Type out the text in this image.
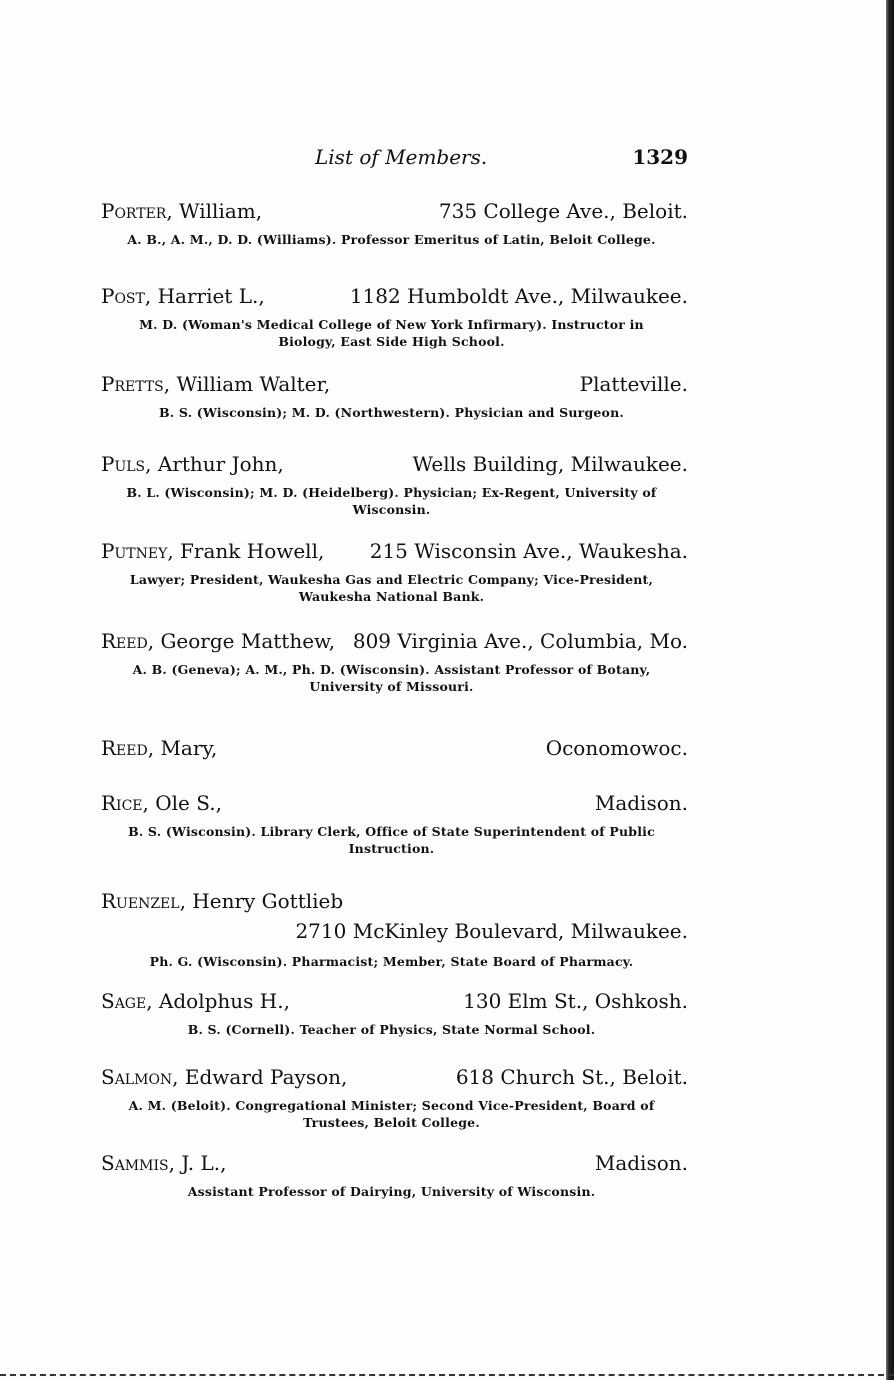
List of Members.	1329
Porter, William,	735 College Ave., Beloit.
A. B., A. M., D. D. (Williams). Professor Emeritus of Latin, Beloit College.
Post, Harriet L.,	1182 Humboldt Ave., Milwaukee.
M. D. (Woman's Medical College of New York Infirmary). Instructor in Biology, East Side High School.
Pretts, William Walter,	Platteville.
B. S. (Wisconsin); M. D. (Northwestern). Physician and Surgeon.
Puls, Arthur John,	Wells Building, Milwaukee.
B. L. (Wisconsin); M. D. (Heidelberg). Physician; Ex-Regent, University of Wisconsin.
Putney, Frank Howell, 215 Wisconsin Ave., Waukesha.
Lawyer; President, Waukesha Gas and Electric Company; Vice-President, Waukesha National Bank.
Reed, George Matthew, 809 Virginia Ave., Columbia, Mo.
A. B. (Geneva); A. M., Ph. D. (Wisconsin). Assistant Professor of Botany, University of Missouri.
Reed, Mary,	Oconomowoc.
Rice, Ole S.,	Madison.
B. S. (Wisconsin). Library Clerk, Office of State Superintendent of Public Instruction.
Ruenzel, Henry Gottlieb
2710 McKinley Boulevard, Milwaukee.
Ph. G. (Wisconsin). Pharmacist; Member, State Board of Pharmacy.
Sage, Adolphus H.,	130 Elm St., Oshkosh.
B. S. (Cornell). Teacher of Physics, State Normal School.
Salmon, Edward Payson,	618 Church St., Beloit.
A. M. (Beloit). Congregational Minister; Second Vice-President, Board of Trustees, Beloit College.
Sammis, J. L.,	Madison.
Assistant Professor of Dairying, University of Wisconsin.
